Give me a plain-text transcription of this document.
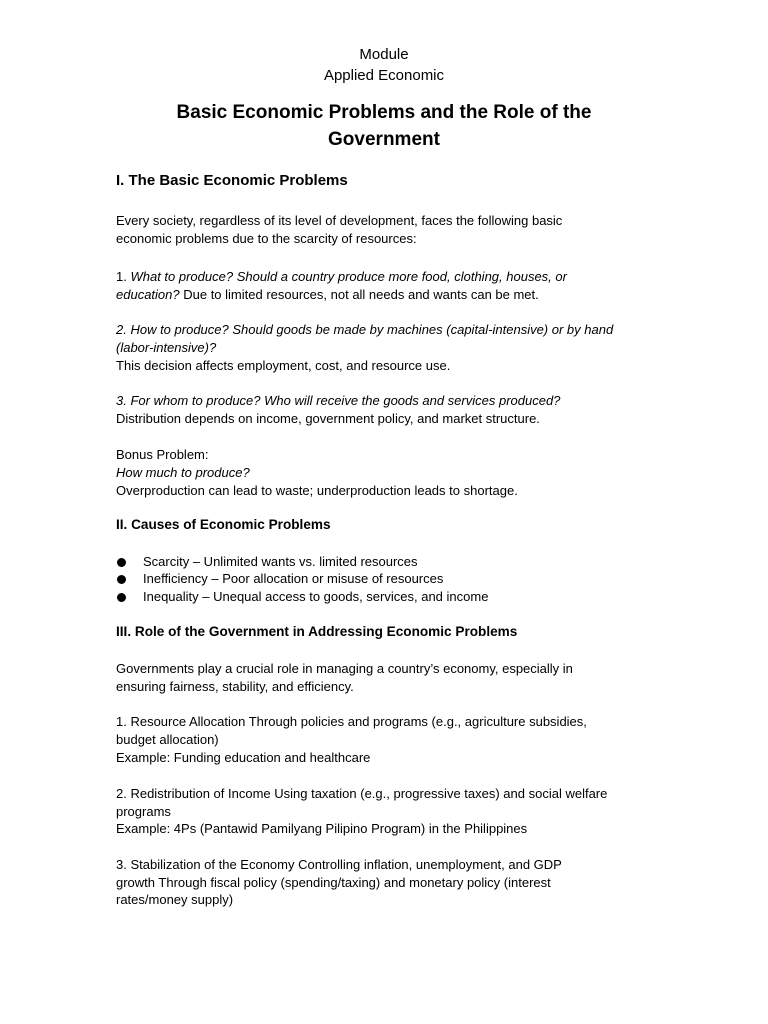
Module
Applied Economic
Basic Economic Problems and the Role of the
Government
I. The Basic Economic Problems
Every society, regardless of its level of development, faces the following basic
economic problems due to the scarcity of resources:
1. What to produce? Should a country produce more food, clothing, houses, or
education? Due to limited resources, not all needs and wants can be met.
2. How to produce? Should goods be made by machines (capital-intensive) or by hand
(labor-intensive)?
This decision affects employment, cost, and resource use.
3. For whom to produce? Who will receive the goods and services produced?
Distribution depends on income, government policy, and market structure.
Bonus Problem:
How much to produce?
Overproduction can lead to waste; underproduction leads to shortage.
II. Causes of Economic Problems
Scarcity – Unlimited wants vs. limited resources
Inefficiency – Poor allocation or misuse of resources
Inequality – Unequal access to goods, services, and income
III. Role of the Government in Addressing Economic Problems
Governments play a crucial role in managing a country’s economy, especially in
ensuring fairness, stability, and efficiency.
1. Resource Allocation Through policies and programs (e.g., agriculture subsidies,
budget allocation)
Example: Funding education and healthcare
2. Redistribution of Income Using taxation (e.g., progressive taxes) and social welfare
programs
Example: 4Ps (Pantawid Pamilyang Pilipino Program) in the Philippines
3. Stabilization of the Economy Controlling inflation, unemployment, and GDP
growth Through fiscal policy (spending/taxing) and monetary policy (interest
rates/money supply)
